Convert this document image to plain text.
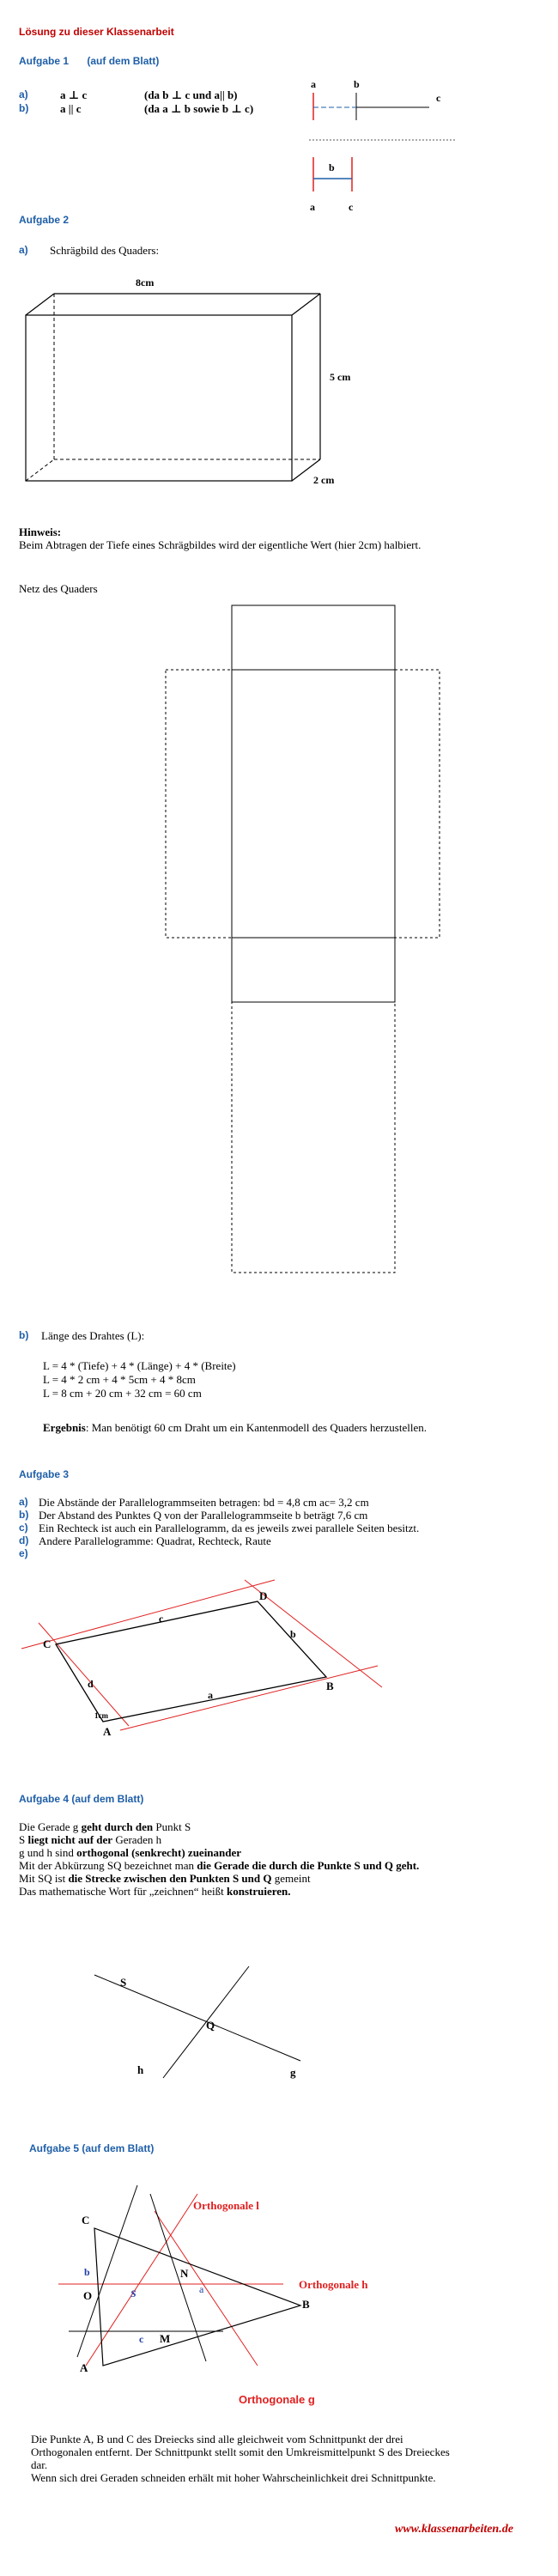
Lösung zu dieser Klassenarbeit
Aufgabe 1 (auf dem Blatt)
a)	a ⊥ c	(da b ⊥ c und a|| b)
b)	a || c	(da a ⊥ b sowie b ⊥ c)
a	b
c
b
a	c
Aufgabe 2
a) Schrägbild des Quaders:
8cm
5 cm
2 cm
Hinweis:
Beim Abtragen der Tiefe eines Schrägbildes wird der eigentliche Wert (hier 2cm) halbiert.
Netz des Quaders
b) Länge des Drahtes (L):
L = 4 * (Tiefe) + 4 * (Länge) + 4 * (Breite)
L = 4 * 2 cm + 4 * 5cm + 4 * 8cm
L = 8 cm + 20 cm + 32 cm = 60 cm
Ergebnis: Man benötigt 60 cm Draht um ein Kantenmodell des Quaders herzustellen.
Aufgabe 3
a) Die Abstände der Parallelogrammseiten betragen: bd = 4,8 cm ac= 3,2 cm
b) Der Abstand des Punktes Q von der Parallelogrammseite b beträgt 7,6 cm
c) Ein Rechteck ist auch ein Parallelogramm, da es jeweils zwei parallele Seiten besitzt.
d) Andere Parallelogramme: Quadrat, Rechteck, Raute
e)
A
B
C
D
a
b
c
d
1cm
Aufgabe 4 (auf dem Blatt)
Die Gerade g geht durch den Punkt S
S liegt nicht auf der Geraden h
g und h sind orthogonal (senkrecht) zueinander
Mit der Abkürzung SQ bezeichnet man die Gerade die durch die Punkte S und Q geht.
Mit SQ ist die Strecke zwischen den Punkten S und Q gemeint
Das mathematische Wort für „zeichnen“ heißt konstruieren.
S
Q
h	g
Aufgabe 5 (auf dem Blatt)
C
N
a
b
O	S
B
M
c
A
Orthogonale l
Orthogonale h
Orthogonale g
Die Punkte A, B und C des Dreiecks sind alle gleichweit vom Schnittpunkt der drei
Orthogonalen entfernt. Der Schnittpunkt stellt somit den Umkreismittelpunkt S des Dreieckes
dar.
Wenn sich drei Geraden schneiden erhält mit hoher Wahrscheinlichkeit drei Schnittpunkte.
www.klassenarbeiten.de
